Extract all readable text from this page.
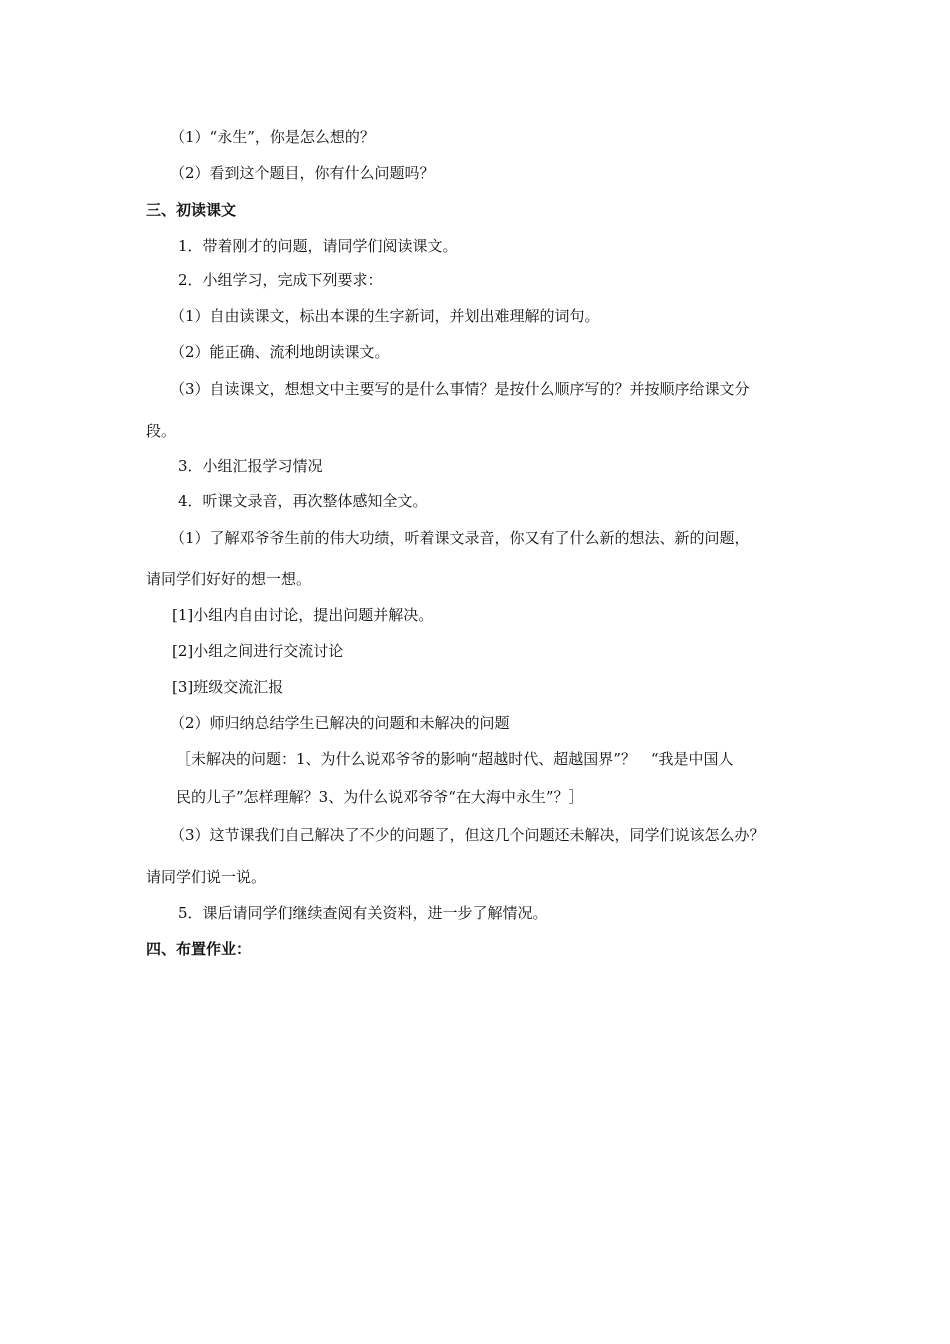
（1）“永生”，你是怎么想的？
（2）看到这个题目，你有什么问题吗？
三、初读课文
1．带着刚才的问题，请同学们阅读课文。
2．小组学习，完成下列要求：
（1）自由读课文，标出本课的生字新词，并划出难理解的词句。
（2）能正确、流利地朗读课文。
（3）自读课文，想想文中主要写的是什么事情？是按什么顺序写的？并按顺序给课文分
段。
3．小组汇报学习情况
4．听课文录音，再次整体感知全文。
（1）了解邓爷爷生前的伟大功绩，听着课文录音，你又有了什么新的想法、新的问题，
请同学们好好的想一想。
[1]小组内自由讨论，提出问题并解决。
[2]小组之间进行交流讨论
[3]班级交流汇报
（2）师归纳总结学生已解决的问题和未解决的问题
［未解决的问题：1、为什么说邓爷爷的影响“超越时代、超越国界”？　“我是中国人
民的儿子”怎样理解？3、为什么说邓爷爷“在大海中永生”？］
（3）这节课我们自己解决了不少的问题了，但这几个问题还未解决，同学们说该怎么办？
请同学们说一说。
5．课后请同学们继续查阅有关资料，进一步了解情况。
四、布置作业：
